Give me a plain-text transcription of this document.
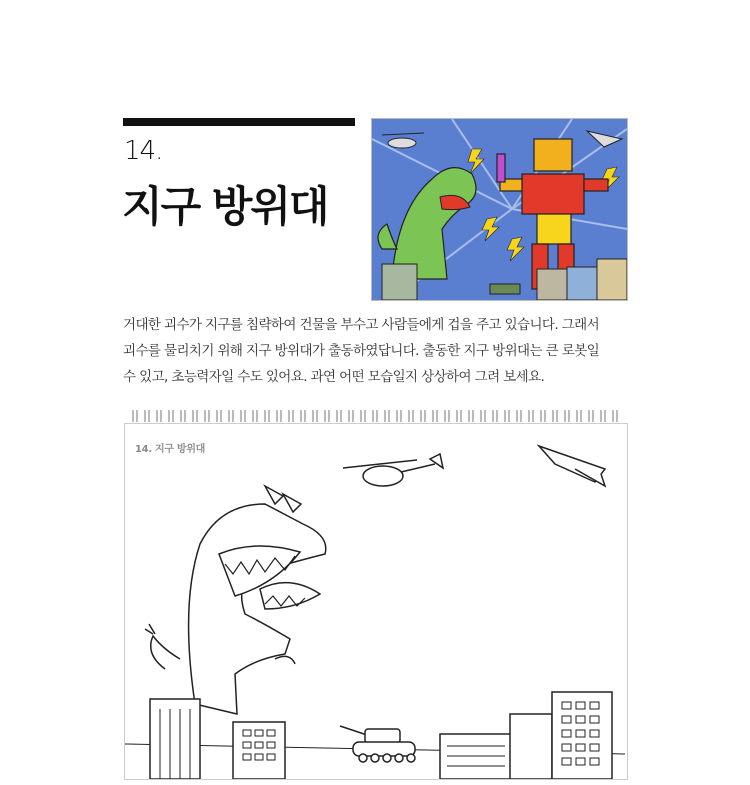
14.
지구 방위대

거대한 괴수가 지구를 침략하여 건물을 부수고 사람들에게 겁을 주고 있습니다. 그래서

괴수를 물리치기 위해 지구 방위대가 출동하였답니다. 출동한 지구 방위대는 큰 로봇일

수 있고, 초능력자일 수도 있어요. 과연 어떤 모습일지 상상하여 그려 보세요.

14. 지구 방위대
